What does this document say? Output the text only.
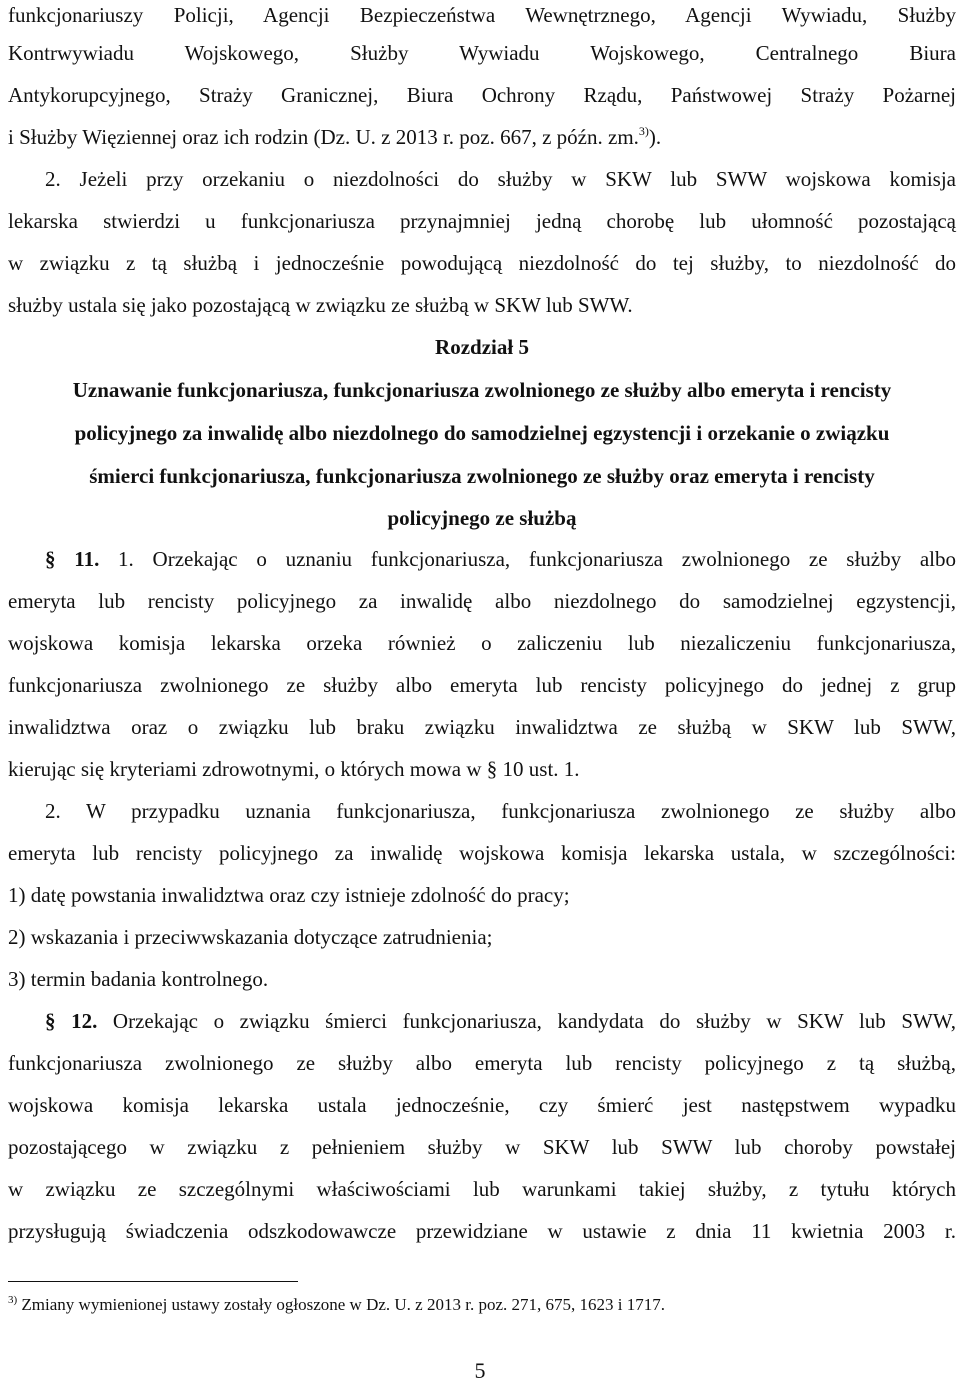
funkcjonariuszy Policji, Agencji Bezpieczeństwa Wewnętrznego, Agencji Wywiadu, Służby

Kontrwywiadu Wojskowego, Służby Wywiadu Wojskowego, Centralnego Biura

Antykorupcyjnego, Straży Granicznej, Biura Ochrony Rządu, Państwowej Straży Pożarnej

i Służby Więziennej oraz ich rodzin (Dz. U. z 2013 r. poz. 667, z późn. zm.$^{3)}$).

2. Jeżeli przy orzekaniu o niezdolności do służby w SKW lub SWW wojskowa komisja

lekarska stwierdzi u funkcjonariusza przynajmniej jedną chorobę lub ułomność pozostającą

w związku z tą służbą i jednocześnie powodującą niezdolność do tej służby, to niezdolność do

służby ustala się jako pozostającą w związku ze służbą w SKW lub SWW.

Rozdział 5

Uznawanie funkcjonariusza, funkcjonariusza zwolnionego ze służby albo emeryta i rencisty

policyjnego za inwalidę albo niezdolnego do samodzielnej egzystencji i orzekanie o związku

śmierci funkcjonariusza, funkcjonariusza zwolnionego ze służby oraz emeryta i rencisty

policyjnego ze służbą

§ 11. 1. Orzekając o uznaniu funkcjonariusza, funkcjonariusza zwolnionego ze służby albo

emeryta lub rencisty policyjnego za inwalidę albo niezdolnego do samodzielnej egzystencji,

wojskowa komisja lekarska orzeka również o zaliczeniu lub niezaliczeniu funkcjonariusza,

funkcjonariusza zwolnionego ze służby albo emeryta lub rencisty policyjnego do jednej z grup

inwalidztwa oraz o związku lub braku związku inwalidztwa ze służbą w SKW lub SWW,

kierując się kryteriami zdrowotnymi, o których mowa w § 10 ust. 1.

2. W przypadku uznania funkcjonariusza, funkcjonariusza zwolnionego ze służby albo

emeryta lub rencisty policyjnego za inwalidę wojskowa komisja lekarska ustala, w szczególności:

1) datę powstania inwalidztwa oraz czy istnieje zdolność do pracy;

2) wskazania i przeciwwskazania dotyczące zatrudnienia;

3) termin badania kontrolnego.

§ 12. Orzekając o związku śmierci funkcjonariusza, kandydata do służby w SKW lub SWW,

funkcjonariusza zwolnionego ze służby albo emeryta lub rencisty policyjnego z tą służbą,

wojskowa komisja lekarska ustala jednocześnie, czy śmierć jest następstwem wypadku

pozostającego w związku z pełnieniem służby w SKW lub SWW lub choroby powstałej

w związku ze szczególnymi właściwościami lub warunkami takiej służby, z tytułu których

przysługują świadczenia odszkodowawcze przewidziane w ustawie z dnia 11 kwietnia 2003 r.

$^{3)}$ Zmiany wymienionej ustawy zostały ogłoszone w Dz. U. z 2013 r. poz. 271, 675, 1623 i 1717.

5
